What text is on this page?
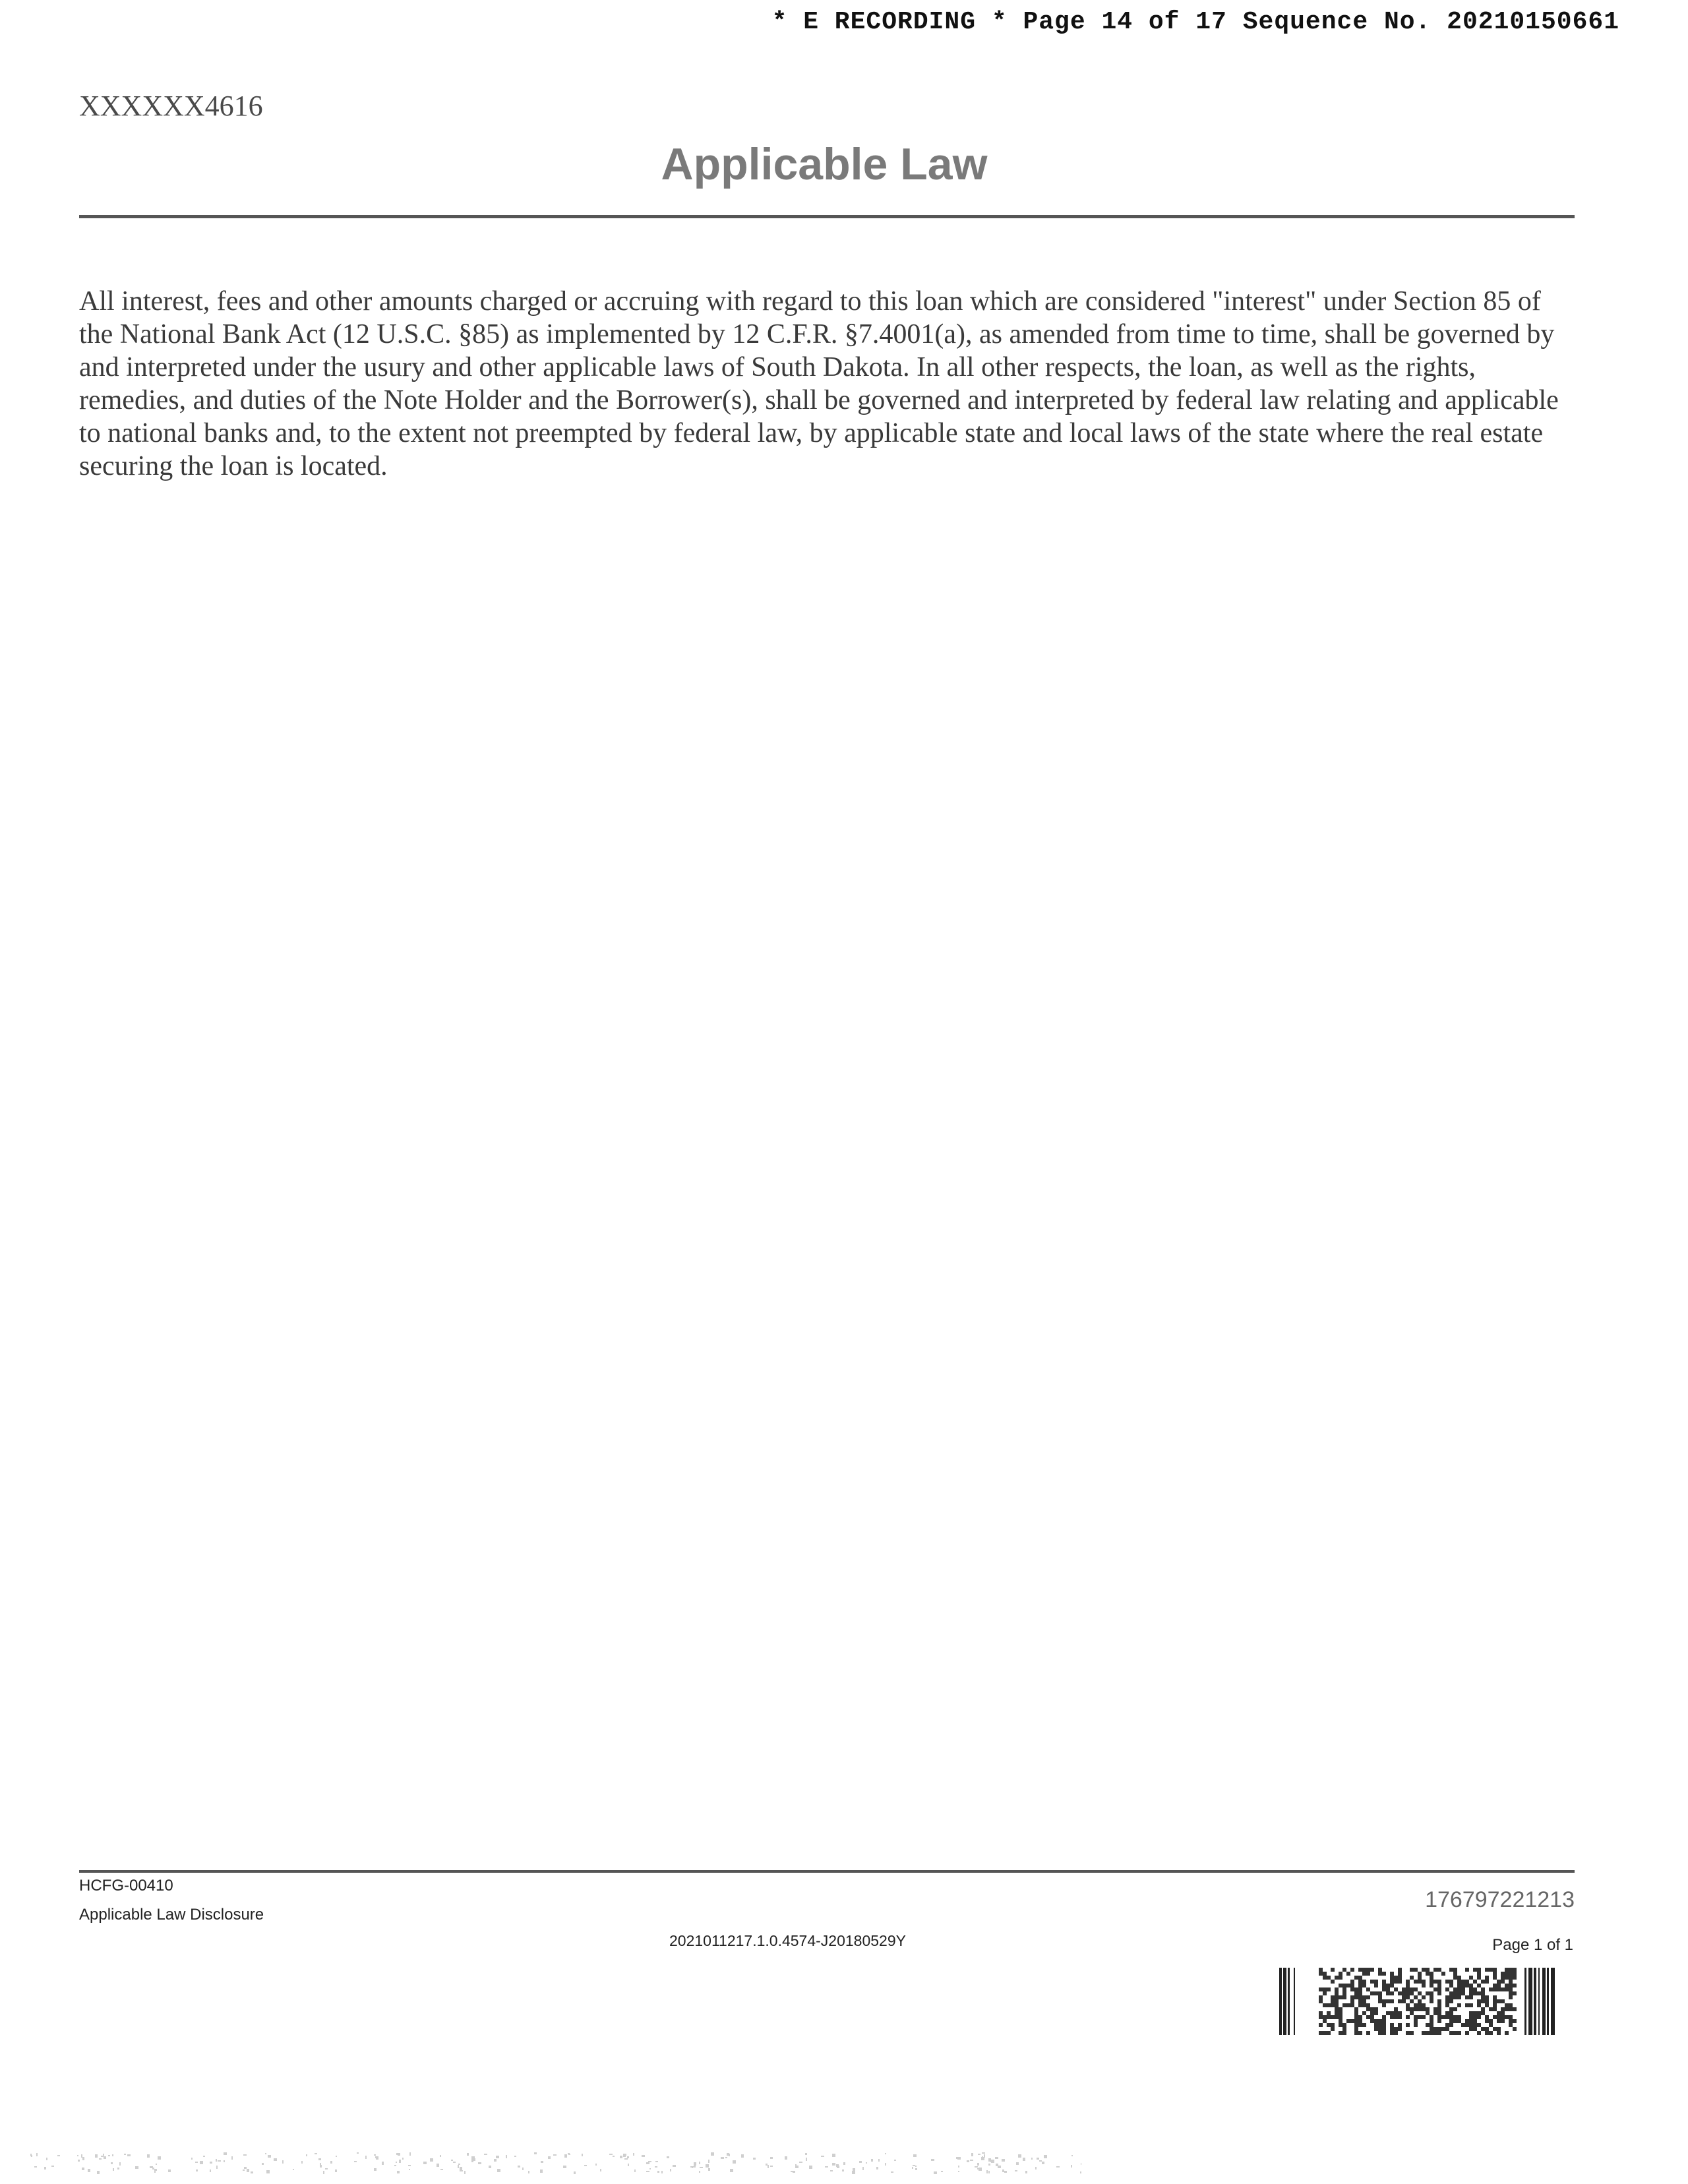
* E RECORDING * Page 14 of 17 Sequence No. 20210150661
XXXXXX4616
Applicable Law

All interest, fees and other amounts charged or accruing with regard to this loan which are considered "interest" under Section 85 of the National Bank Act (12 U.S.C. §85) as implemented by 12 C.F.R. §7.4001(a), as amended from time to time, shall be governed by and interpreted under the usury and other applicable laws of South Dakota. In all other respects, the loan, as well as the rights, remedies, and duties of the Note Holder and the Borrower(s), shall be governed and interpreted by federal law relating and applicable to national banks and, to the extent not preempted by federal law, by applicable state and local laws of the state where the real estate securing the loan is located.

HCFG-00410
Applicable Law Disclosure
2021011217.1.0.4574-J20180529Y
176797221213
Page 1 of 1
